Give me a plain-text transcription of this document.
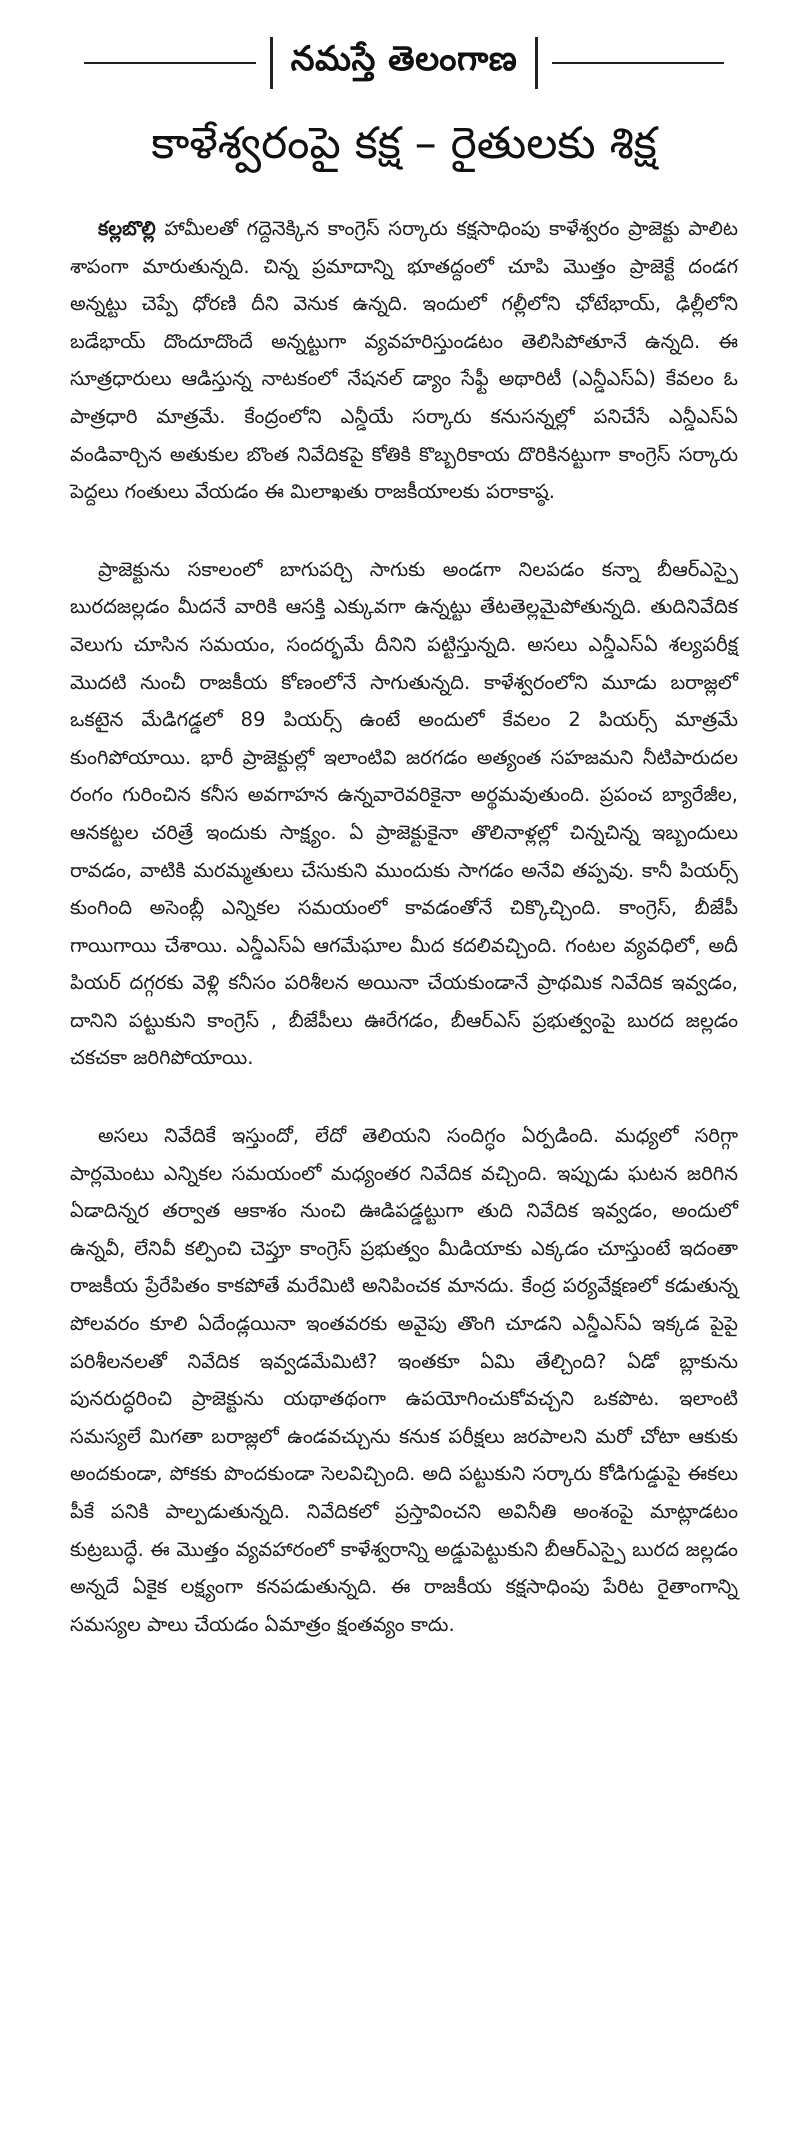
నమస్తే తెలంగాణ
కాళేశ్వరంపై కక్ష – రైతులకు శిక్ష

కల్లబొల్లి హామీలతో గద్దెనెక్కిన కాంగ్రెస్ సర్కారు కక్షసాధింపు కాళేశ్వరం ప్రాజెక్టు పాలిట శాపంగా మారుతున్నది. చిన్న ప్రమాదాన్ని భూతద్దంలో చూపి మొత్తం ప్రాజెక్టే దండగ అన్నట్టు చెప్పే ధోరణి దీని వెనుక ఉన్నది. ఇందులో గల్లీలోని ఛోటేభాయ్, ఢిల్లీలోని బడేభాయ్ దొందూదొందే అన్నట్టుగా వ్యవహరిస్తుండటం తెలిసిపోతూనే ఉన్నది. ఈ సూత్రధారులు ఆడిస్తున్న నాటకంలో నేషనల్ డ్యాం సేఫ్టీ అథారిటీ (ఎన్డీఎస్ఏ) కేవలం ఓ పాత్రధారి మాత్రమే. కేంద్రంలోని ఎన్డీయే సర్కారు కనుసన్నల్లో పనిచేసే ఎన్డీఎస్ఏ వండివార్చిన అతుకుల బొంత నివేదికపై కోతికి కొబ్బరికాయ దొరికినట్టుగా కాంగ్రెస్ సర్కారు పెద్దలు గంతులు వేయడం ఈ మిలాఖతు రాజకీయాలకు పరాకాష్ఠ.

ప్రాజెక్టును సకాలంలో బాగుపర్చి సాగుకు అండగా నిలపడం కన్నా బీఆర్ఎస్పై బురదజల్లడం మీదనే వారికి ఆసక్తి ఎక్కువగా ఉన్నట్టు తేటతెల్లమైపోతున్నది. తుదినివేదిక వెలుగు చూసిన సమయం, సందర్భమే దీనిని పట్టిస్తున్నది. అసలు ఎన్డీఎస్ఏ శల్యపరీక్ష మొదటి నుంచీ రాజకీయ కోణంలోనే సాగుతున్నది. కాళేశ్వరంలోని మూడు బరాజ్లలో ఒకటైన మేడిగడ్డలో 89 పియర్స్ ఉంటే అందులో కేవలం 2 పియర్స్ మాత్రమే కుంగిపోయాయి. భారీ ప్రాజెక్టుల్లో ఇలాంటివి జరగడం అత్యంత సహజమని నీటిపారుదల రంగం గురించిన కనీస అవగాహన ఉన్నవారెవరికైనా అర్థమవుతుంది. ప్రపంచ బ్యారేజీల, ఆనకట్టల చరిత్రే ఇందుకు సాక్ష్యం. ఏ ప్రాజెక్టుకైనా తొలినాళ్లల్లో చిన్నచిన్న ఇబ్బందులు రావడం, వాటికి మరమ్మతులు చేసుకుని ముందుకు సాగడం అనేవి తప్పవు. కానీ పియర్స్ కుంగింది అసెంబ్లీ ఎన్నికల సమయంలో కావడంతోనే చిక్కొచ్చింది. కాంగ్రెస్, బీజేపీ గాయిగాయి చేశాయి. ఎన్డీఎస్ఏ ఆగమేఘాల మీద కదలివచ్చింది. గంటల వ్యవధిలో, అదీ పియర్ దగ్గరకు వెళ్లి కనీసం పరిశీలన అయినా చేయకుండానే ప్రాథమిక నివేదిక ఇవ్వడం, దానిని పట్టుకుని కాంగ్రెస్ , బీజేపీలు ఊరేగడం, బీఆర్ఎస్ ప్రభుత్వంపై బురద జల్లడం చకచకా జరిగిపోయాయి.

అసలు నివేదికే ఇస్తుందో, లేదో తెలియని సందిగ్ధం ఏర్పడింది. మధ్యలో సరిగ్గా పార్లమెంటు ఎన్నికల సమయంలో మధ్యంతర నివేదిక వచ్చింది. ఇప్పుడు ఘటన జరిగిన ఏడాదిన్నర తర్వాత ఆకాశం నుంచి ఊడిపడ్డట్టుగా తుది నివేదిక ఇవ్వడం, అందులో ఉన్నవీ, లేనివీ కల్పించి చెప్తూ కాంగ్రెస్ ప్రభుత్వం మీడియాకు ఎక్కడం చూస్తుంటే ఇదంతా రాజకీయ ప్రేరేపితం కాకపోతే మరేమిటి అనిపించక మానదు. కేంద్ర పర్యవేక్షణలో కడుతున్న పోలవరం కూలి ఏదేండ్లయినా ఇంతవరకు అవైపు తొంగి చూడని ఎన్డీఎస్ఏ ఇక్కడ పైపై పరిశీలనలతో నివేదిక ఇవ్వడమేమిటి? ఇంతకూ ఏమి తేల్చింది? ఏడో బ్లాకును పునరుద్ధరించి ప్రాజెక్టును యథాతథంగా ఉపయోగించుకోవచ్చని ఒకపొట. ఇలాంటి సమస్యలే మిగతా బరాజ్లలో ఉండవచ్చును కనుక పరీక్షలు జరపాలని మరో చోటా ఆకుకు అందకుండా, పోకకు పొందకుండా సెలవిచ్చింది. అది పట్టుకుని సర్కారు కోడిగుడ్డుపై ఈకలు పీకే పనికి పాల్పడుతున్నది. నివేదికలో ప్రస్తావించని అవినీతి అంశంపై మాట్లాడటం కుట్రబుద్ధే. ఈ మొత్తం వ్యవహారంలో కాళేశ్వరాన్ని అడ్డుపెట్టుకుని బీఆర్ఎస్పై బురద జల్లడం అన్నదే ఏకైక లక్ష్యంగా కనపడుతున్నది. ఈ రాజకీయ కక్షసాధింపు పేరిట రైతాంగాన్ని సమస్యల పాలు చేయడం ఏమాత్రం క్షంతవ్యం కాదు.
